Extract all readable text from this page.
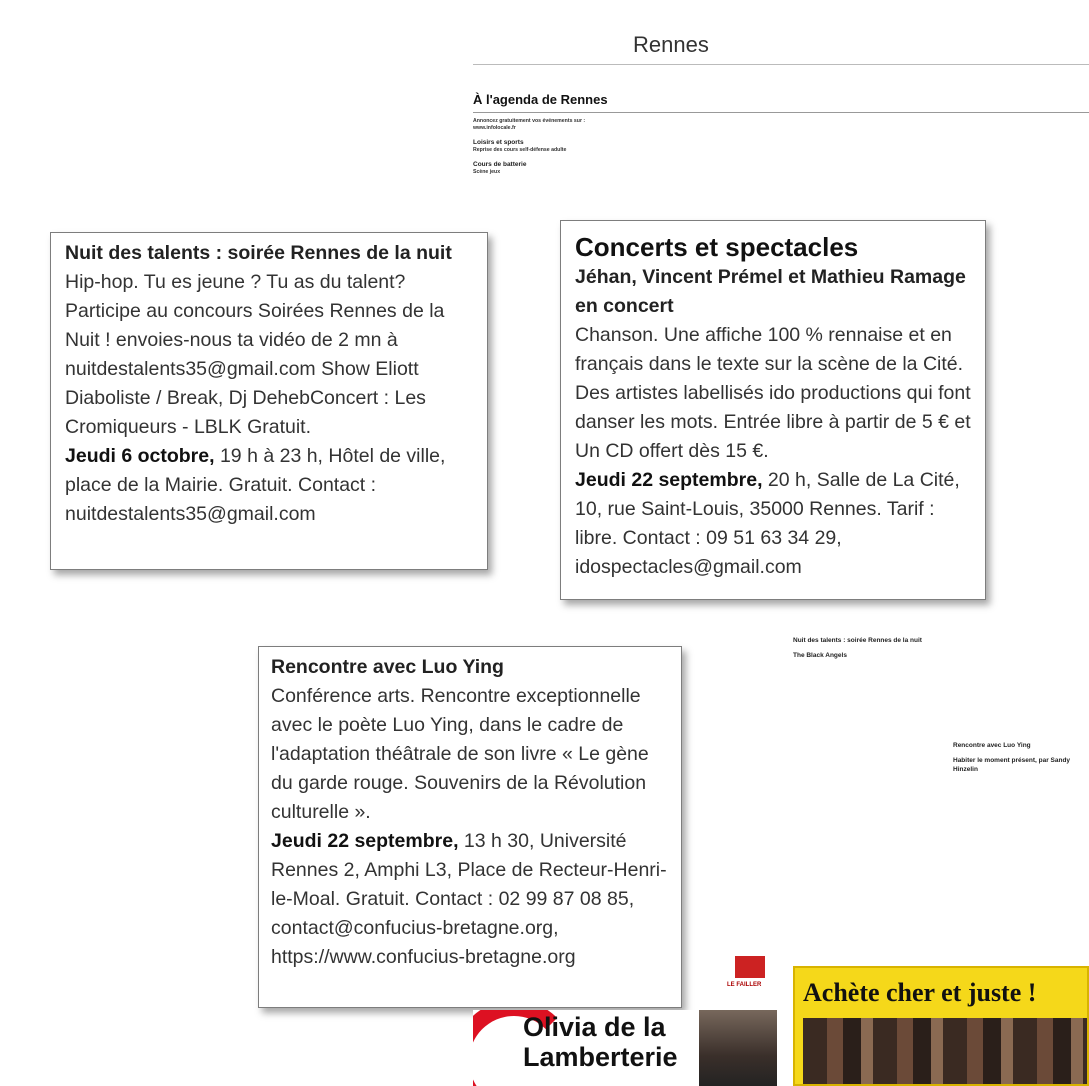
Rennes
À l'agenda de Rennes
Annoncez gratuitement vos événements sur : www.infolocale.fr
Loisirs et sports
Reprise des cours self-défense adulte
Cours de batterie
Scène jeux
Nuit des talents : soirée Rennes de la nuit
The Black Angels
Rencontre avec Luo Ying
Habiter le moment présent, par Sandy Hinzelin
Nuit des talents : soirée Rennes de la nuit
Hip-hop. Tu es jeune ? Tu as du talent? Participe au concours Soirées Rennes de la Nuit ! envoies-nous ta vidéo de 2 mn à nuitdestalents35@gmail.com Show Eliott Diaboliste / Break, Dj DehebConcert : Les Cromiqueurs - LBLK Gratuit.
Jeudi 6 octobre, 19 h à 23 h, Hôtel de ville, place de la Mairie. Gratuit. Contact : nuitdestalents35@gmail.com
Concerts et spectacles
Jéhan, Vincent Prémel et Mathieu Ramage en concert
Chanson. Une affiche 100 % rennaise et en français dans le texte sur la scène de la Cité. Des artistes labellisés ido productions qui font danser les mots. Entrée libre à partir de 5 € et Un CD offert dès 15 €.
Jeudi 22 septembre, 20 h, Salle de La Cité, 10, rue Saint-Louis, 35000 Rennes. Tarif : libre. Contact : 09 51 63 34 29, idospectacles@gmail.com
Rencontre avec Luo Ying
Conférence arts. Rencontre exceptionnelle avec le poète Luo Ying, dans le cadre de l'adaptation théâtrale de son livre « Le gène du garde rouge. Souvenirs de la Révolution culturelle ».
Jeudi 22 septembre, 13 h 30, Université Rennes 2, Amphi L3, Place de Recteur-Henri-le-Moal. Gratuit. Contact : 02 99 87 08 85, contact@confucius-bretagne.org, https://www.confucius-bretagne.org
Olivia de la Lamberterie
LE FAILLER Achète cher et juste !
